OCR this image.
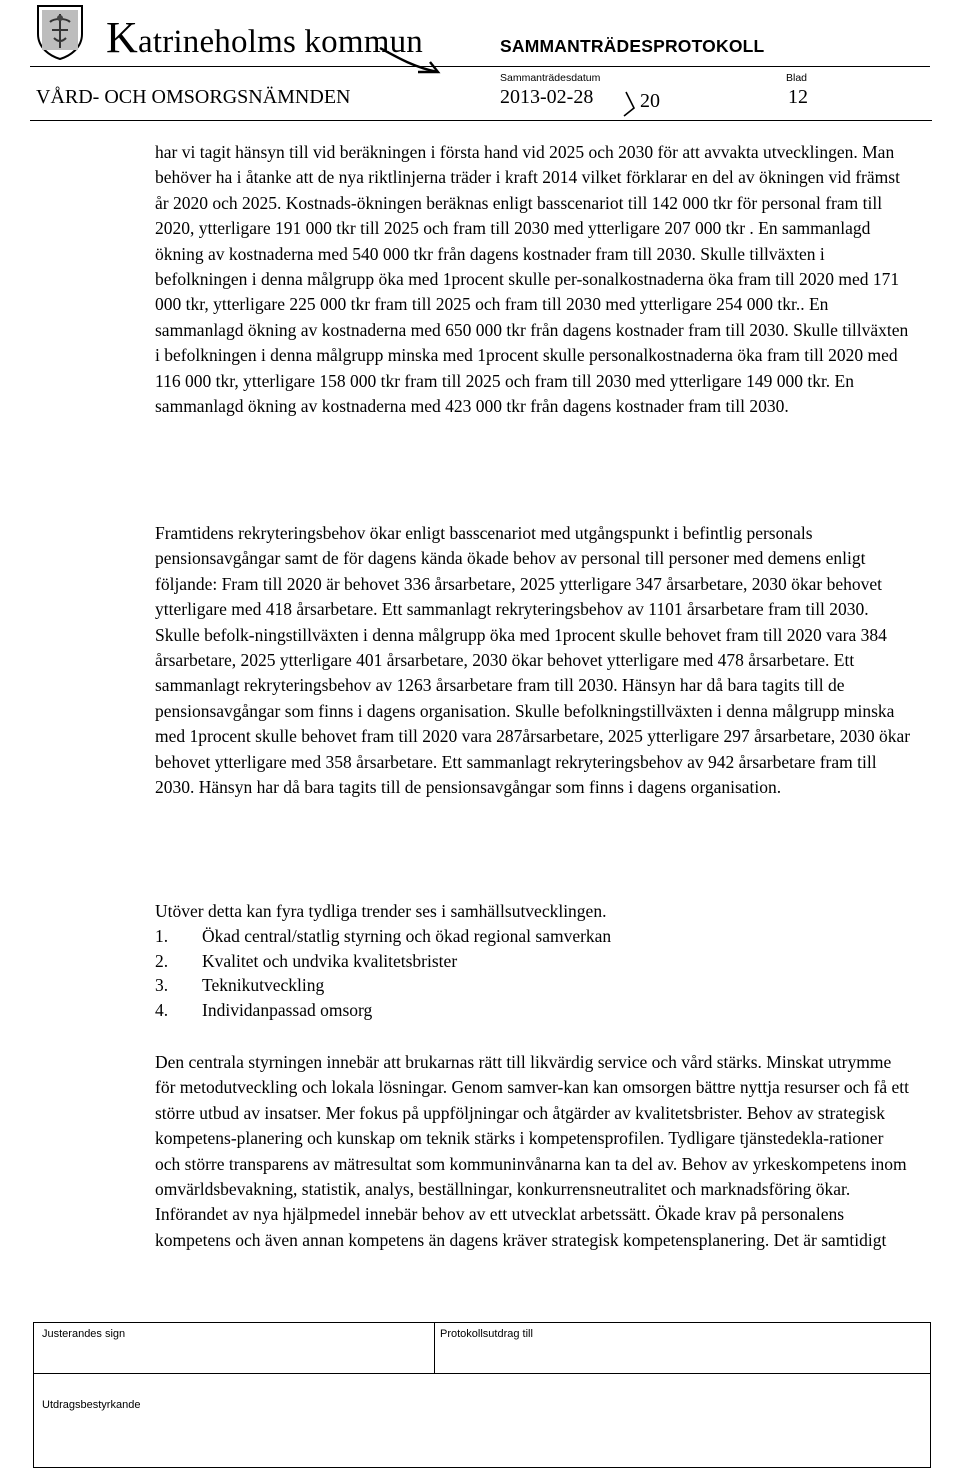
Katrineholms kommun	SAMMANTRÄDESPROTOKOLL
Sammanträdesdatum	Blad
VÅRD- OCH OMSORGSNÄMNDEN	2013-02-28 20	12

har vi tagit hänsyn till vid beräkningen i första hand vid 2025 och 2030 för att avvakta utvecklingen. Man behöver ha i åtanke att de nya riktlinjerna träder i kraft 2014 vilket förklarar en del av ökningen vid främst år 2020 och 2025. Kostnads-ökningen beräknas enligt basscenariot till 142 000 tkr för personal fram till 2020, ytterligare 191 000 tkr till 2025 och fram till 2030 med ytterligare 207 000 tkr . En sammanlagd ökning av kostnaderna med 540 000 tkr från dagens kostnader fram till 2030. Skulle tillväxten i befolkningen i denna målgrupp öka med 1procent skulle per-sonalkostnaderna öka fram till 2020 med 171 000 tkr, ytterligare 225 000 tkr fram till 2025 och fram till 2030 med ytterligare 254 000 tkr.. En sammanlagd ökning av kostnaderna med 650 000 tkr från dagens kostnader fram till 2030. Skulle tillväxten i befolkningen i denna målgrupp minska med 1procent skulle personalkostnaderna öka fram till 2020 med 116 000 tkr, ytterligare 158 000 tkr fram till 2025 och fram till 2030 med ytterligare 149 000 tkr. En sammanlagd ökning av kostnaderna med 423 000 tkr från dagens kostnader fram till 2030.

Framtidens rekryteringsbehov ökar enligt basscenariot med utgångspunkt i befintlig personals pensionsavgångar samt de för dagens kända ökade behov av personal till personer med demens enligt följande: Fram till 2020 är behovet 336 årsarbetare, 2025 ytterligare 347 årsarbetare, 2030 ökar behovet ytterligare med 418 årsarbetare. Ett sammanlagt rekryteringsbehov av 1101 årsarbetare fram till 2030. Skulle befolk-ningstillväxten i denna målgrupp öka med 1procent skulle behovet fram till 2020 vara 384 årsarbetare, 2025 ytterligare 401 årsarbetare, 2030 ökar behovet ytterligare med 478 årsarbetare. Ett sammanlagt rekryteringsbehov av 1263 årsarbetare fram till 2030. Hänsyn har då bara tagits till de pensionsavgångar som finns i dagens organisation. Skulle befolkningstillväxten i denna målgrupp minska med 1procent skulle behovet fram till 2020 vara 287årsarbetare, 2025 ytterligare 297 årsarbetare, 2030 ökar behovet ytterligare med 358 årsarbetare. Ett sammanlagt rekryteringsbehov av 942 årsarbetare fram till 2030. Hänsyn har då bara tagits till de pensionsavgångar som finns i dagens organisation.

Utöver detta kan fyra tydliga trender ses i samhällsutvecklingen.

1. Ökad central/statlig styrning och ökad regional samverkan
2. Kvalitet och undvika kvalitetsbrister
3. Teknikutveckling
4. Individanpassad omsorg

Den centrala styrningen innebär att brukarnas rätt till likvärdig service och vård stärks. Minskat utrymme för metodutveckling och lokala lösningar. Genom samver-kan kan omsorgen bättre nyttja resurser och få ett större utbud av insatser. Mer fokus på uppföljningar och åtgärder av kvalitetsbrister. Behov av strategisk kompetens-planering och kunskap om teknik stärks i kompetensprofilen. Tydligare tjänstedekla-rationer och större transparens av mätresultat som kommuninvånarna kan ta del av. Behov av yrkeskompetens inom omvärldsbevakning, statistik, analys, beställningar, konkurrensneutralitet och marknadsföring ökar. Införandet av nya hjälpmedel innebär behov av ett utvecklat arbetssätt. Ökade krav på personalens kompetens och även annan kompetens än dagens kräver strategisk kompetensplanering. Det är samtidigt

Justerandes sign	Protokollsutdrag till
Utdragsbestyrkande
